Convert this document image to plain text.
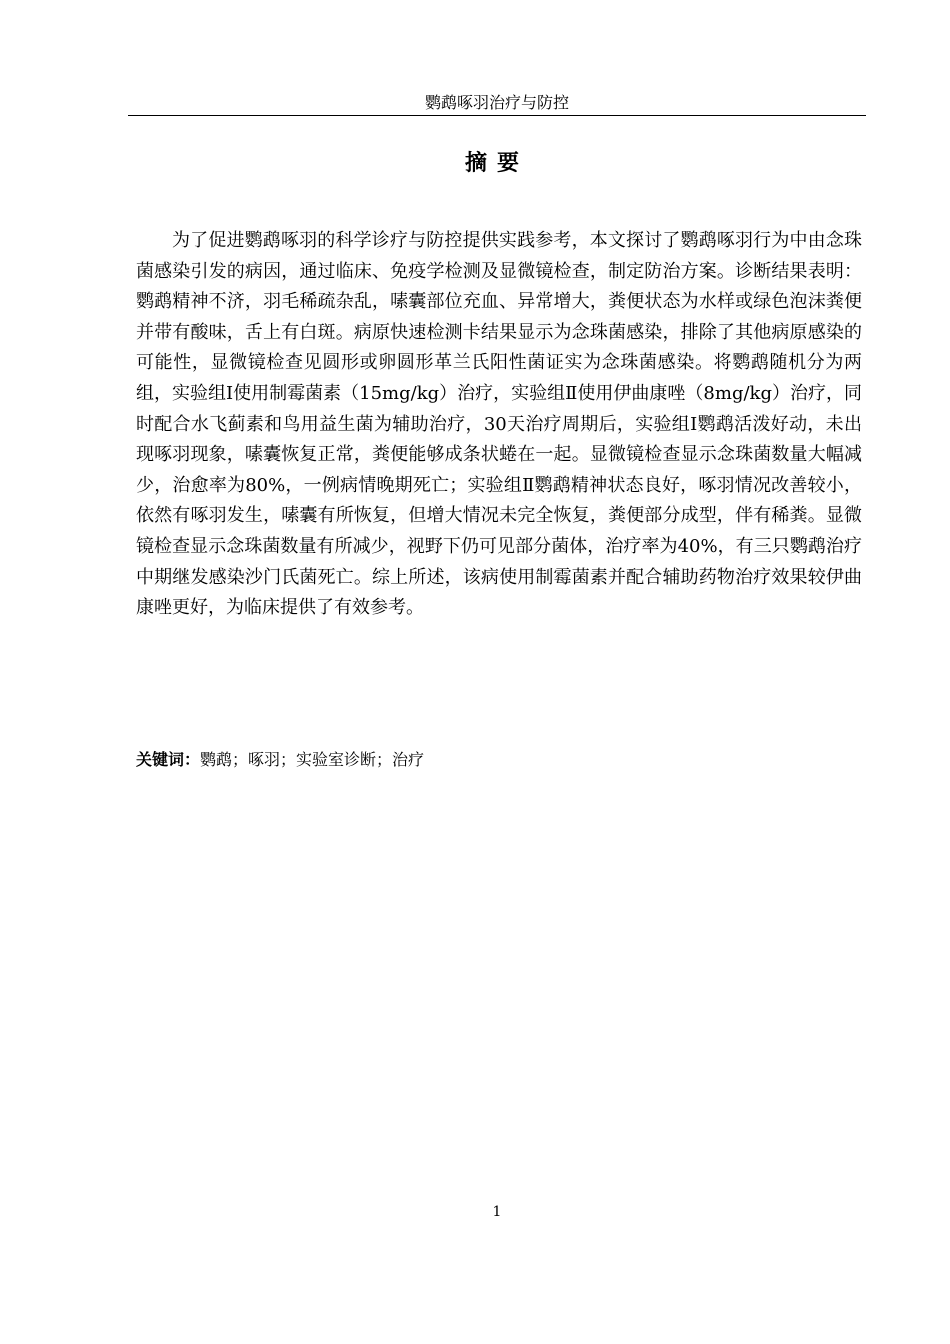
鹦鹉啄羽治疗与防控
摘要

为了促进鹦鹉啄羽的科学诊疗与防控提供实践参考，本文探讨了鹦鹉啄羽行为中由念珠菌感染引发的病因，通过临床、免疫学检测及显微镜检查，制定防治方案。诊断结果表明：鹦鹉精神不济，羽毛稀疏杂乱，嗉囊部位充血、异常增大，粪便状态为水样或绿色泡沫粪便并带有酸味，舌上有白斑。病原快速检测卡结果显示为念珠菌感染，排除了其他病原感染的可能性，显微镜检查见圆形或卵圆形革兰氏阳性菌证实为念珠菌感染。将鹦鹉随机分为两组，实验组Ⅰ使用制霉菌素（15mg/kg）治疗，实验组Ⅱ使用伊曲康唑（8mg/kg）治疗，同时配合水飞蓟素和鸟用益生菌为辅助治疗，30天治疗周期后，实验组Ⅰ鹦鹉活泼好动，未出现啄羽现象，嗉囊恢复正常，粪便能够成条状蜷在一起。显微镜检查显示念珠菌数量大幅减少，治愈率为80%，一例病情晚期死亡；实验组Ⅱ鹦鹉精神状态良好，啄羽情况改善较小，依然有啄羽发生，嗉囊有所恢复，但增大情况未完全恢复，粪便部分成型，伴有稀粪。显微镜检查显示念珠菌数量有所减少，视野下仍可见部分菌体，治疗率为40%，有三只鹦鹉治疗中期继发感染沙门氏菌死亡。综上所述，该病使用制霉菌素并配合辅助药物治疗效果较伊曲康唑更好，为临床提供了有效参考。

关键词：鹦鹉；啄羽；实验室诊断；治疗

1
